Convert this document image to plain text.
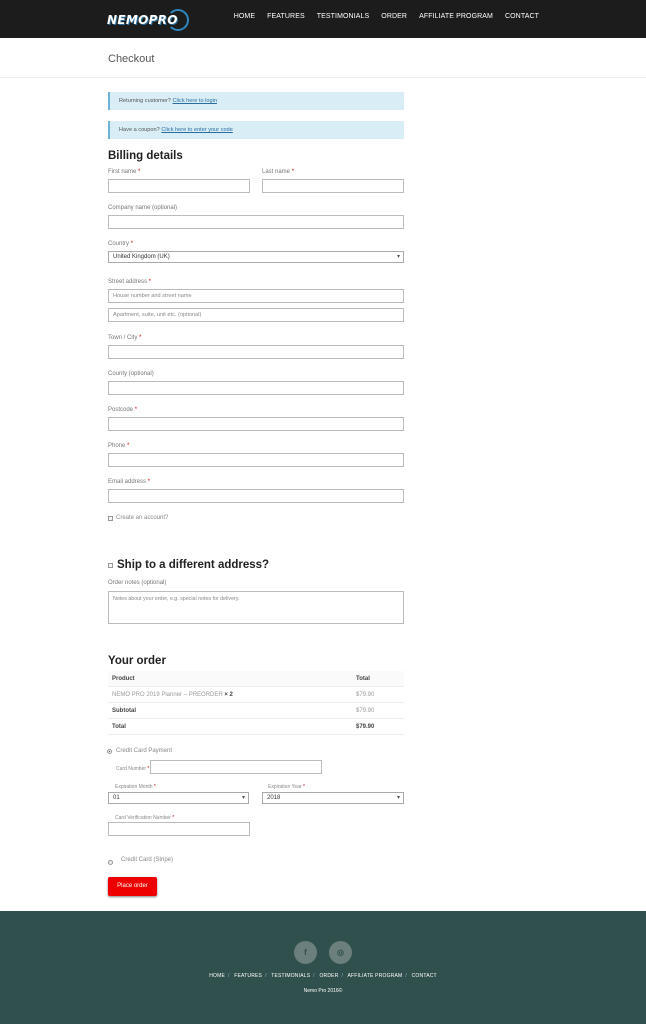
NEMOPRO	HOME FEATURES TESTIMONIALS ORDER AFFILIATE PROGRAM CONTACT
Checkout
Returning customer? Click here to login
Have a coupon? Click here to enter your code
Billing details
First name *	Last name *
Company name (optional)
Country *
United Kingdom (UK)	▾
Street address *
House number and street name
Apartment, suite, unit etc. (optional)
Town / City *
County (optional)
Postcode *
Phone *
Email address *
Create an account?
Ship to a different address?
Order notes (optional)
Notes about your order, e.g. special notes for delivery.
Your order
Product	Total
NEMO PRO 2019 Planner – PREORDER × 2	$79.90
Subtotal	$79.90
Total	$79.90
Credit Card Payment
Card Number *
Expiration Month *
01	▾
Expiration Year *
2018	▾
Card Verification Number *
Credit Card (Stripe)
Place order
f	◎
HOME / FEATURES / TESTIMONIALS / ORDER / AFFILIATE PROGRAM / CONTACT
Nemo Pro 2016©
